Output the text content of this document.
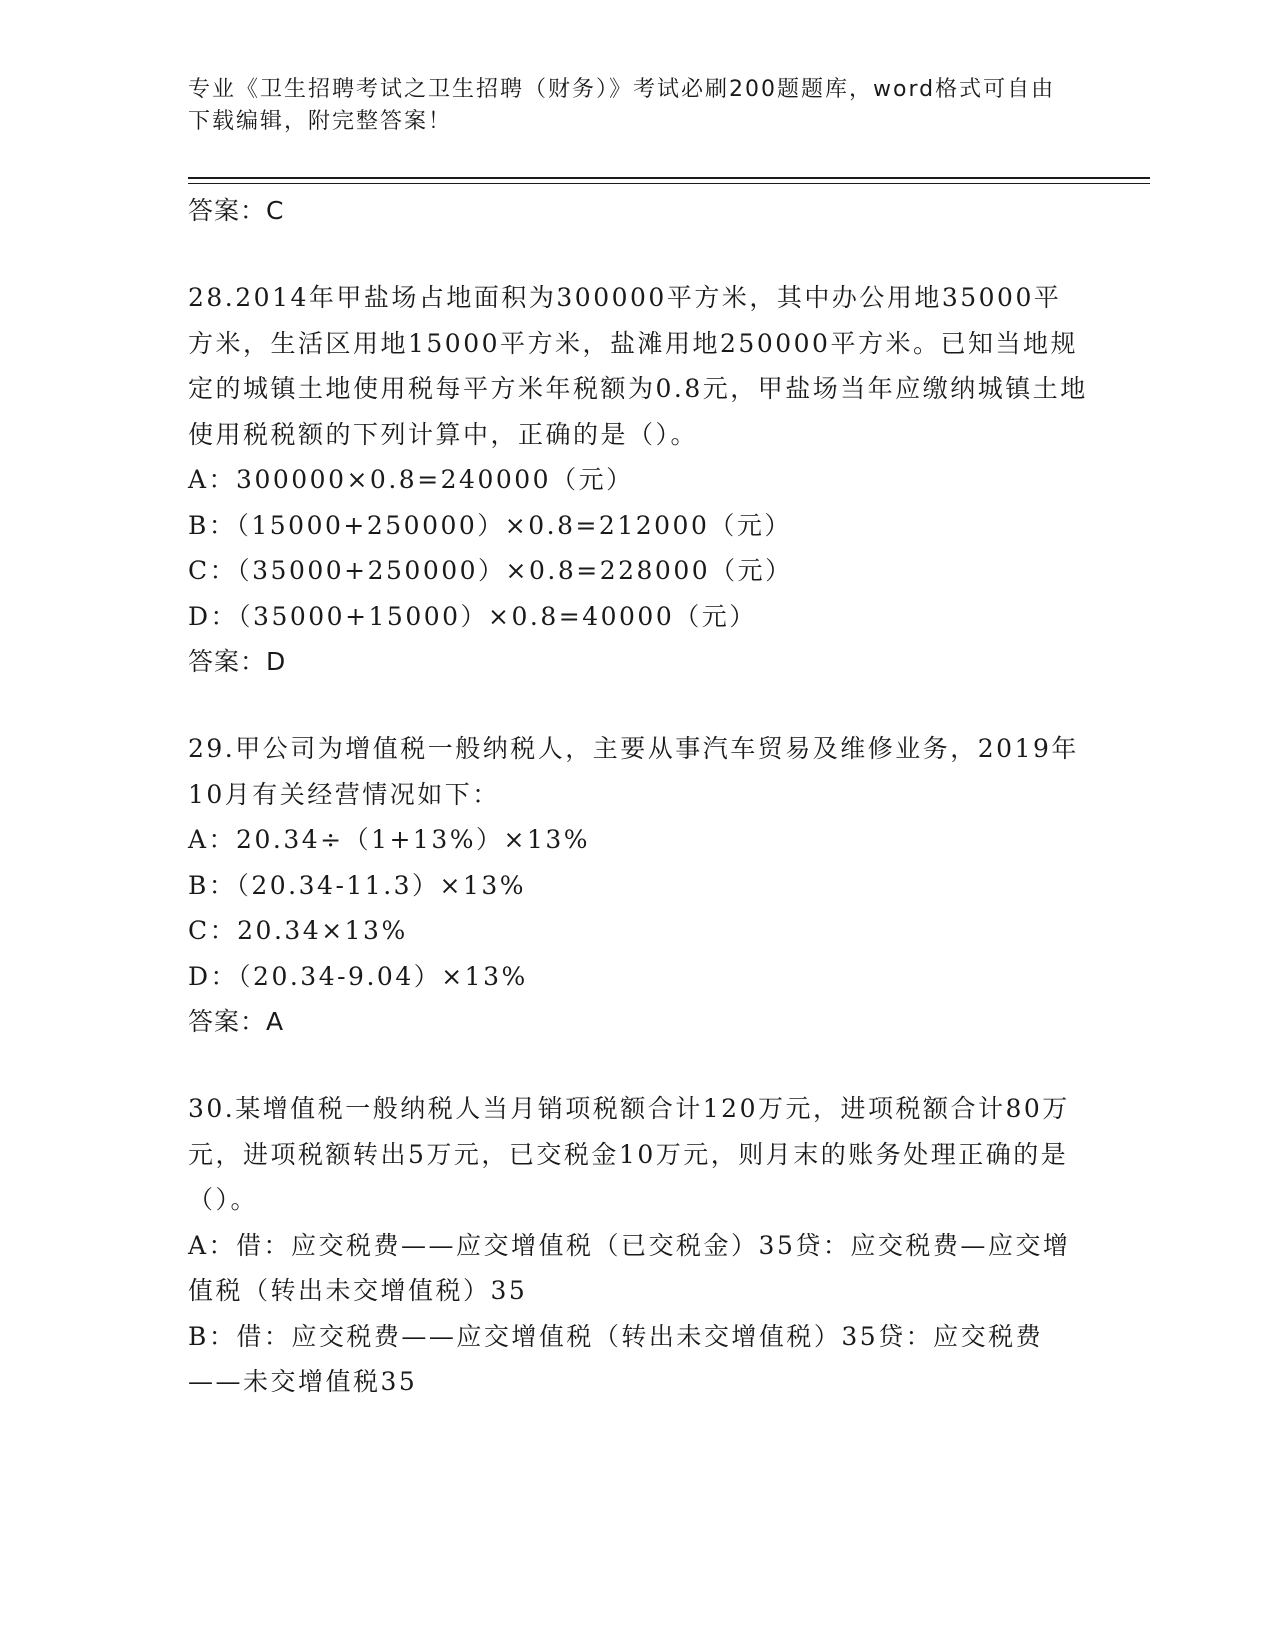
专业《卫生招聘考试之卫生招聘（财务）》考试必刷200题题库，word格式可自由下载编辑，附完整答案！

答案：C

28.2014年甲盐场占地面积为300000平方米，其中办公用地35000平方米，生活区用地15000平方米，盐滩用地250000平方米。已知当地规定的城镇土地使用税每平方米年税额为0.8元，甲盐场当年应缴纳城镇土地使用税税额的下列计算中，正确的是（）。

A：300000×0.8=240000（元）

B：（15000+250000）×0.8=212000（元）

C：（35000+250000）×0.8=228000（元）

D：（35000+15000）×0.8=40000（元）

答案：D

29.甲公司为增值税一般纳税人，主要从事汽车贸易及维修业务，2019年10月有关经营情况如下：

A：20.34÷（1+13%）×13%

B：（20.34-11.3）×13%

C：20.34×13%

D：（20.34-9.04）×13%

答案：A

30.某增值税一般纳税人当月销项税额合计120万元，进项税额合计80万元，进项税额转出5万元，已交税金10万元，则月末的账务处理正确的是（）。

A：借：应交税费——应交增值税（已交税金）35贷：应交税费—应交增值税（转出未交增值税）35

B：借：应交税费——应交增值税（转出未交增值税）35贷：应交税费——未交增值税35
